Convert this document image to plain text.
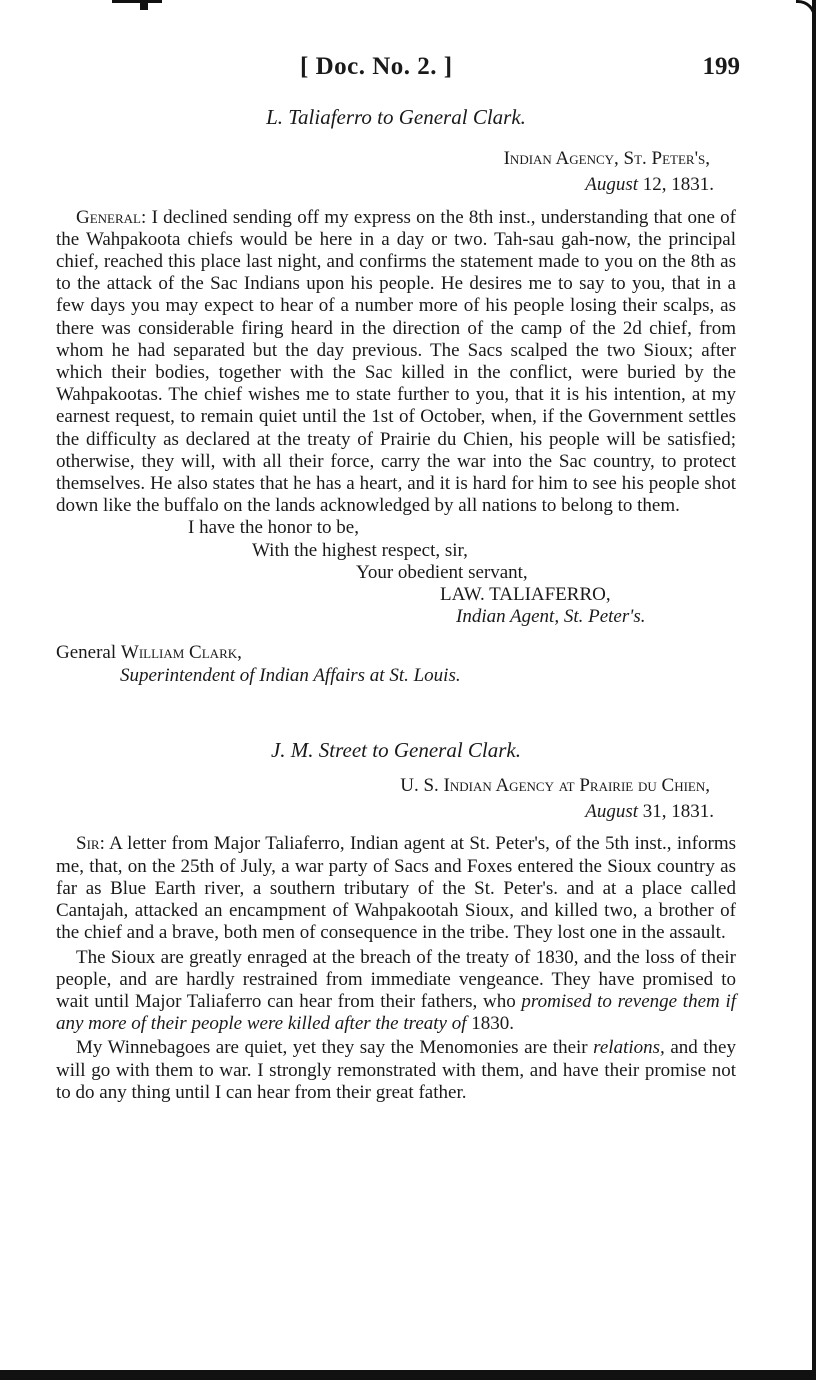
[ Doc. No. 2. ]	199
L. Taliaferro to General Clark.
Indian Agency, St. Peter's,
August 12, 1831.

General: I declined sending off my express on the 8th inst., understanding that one of the Wahpakoota chiefs would be here in a day or two. Tah-sau gah-now, the principal chief, reached this place last night, and confirms the statement made to you on the 8th as to the attack of the Sac Indians upon his people. He desires me to say to you, that in a few days you may expect to hear of a number more of his people losing their scalps, as there was considerable firing heard in the direction of the camp of the 2d chief, from whom he had separated but the day previous. The Sacs scalped the two Sioux; after which their bodies, together with the Sac killed in the conflict, were buried by the Wahpakootas. The chief wishes me to state further to you, that it is his intention, at my earnest request, to remain quiet until the 1st of October, when, if the Government settles the difficulty as declared at the treaty of Prairie du Chien, his people will be satisfied; otherwise, they will, with all their force, carry the war into the Sac country, to protect themselves. He also states that he has a heart, and it is hard for him to see his people shot down like the buffalo on the lands acknowledged by all nations to belong to them.

I have the honor to be,
With the highest respect, sir,
Your obedient servant,
LAW. TALIAFERRO,
Indian Agent, St. Peter's.
General William Clark,
Superintendent of Indian Affairs at St. Louis.
J. M. Street to General Clark.
U. S. Indian Agency at Prairie du Chien,
August 31, 1831.

Sir: A letter from Major Taliaferro, Indian agent at St. Peter's, of the 5th inst., informs me, that, on the 25th of July, a war party of Sacs and Foxes entered the Sioux country as far as Blue Earth river, a southern tributary of the St. Peter's. and at a place called Cantajah, attacked an encampment of Wahpakootah Sioux, and killed two, a brother of the chief and a brave, both men of consequence in the tribe. They lost one in the assault.

The Sioux are greatly enraged at the breach of the treaty of 1830, and the loss of their people, and are hardly restrained from immediate vengeance. They have promised to wait until Major Taliaferro can hear from their fathers, who promised to revenge them if any more of their people were killed after the treaty of 1830.

My Winnebagoes are quiet, yet they say the Menomonies are their relations, and they will go with them to war. I strongly remonstrated with them, and have their promise not to do any thing until I can hear from their great father.
